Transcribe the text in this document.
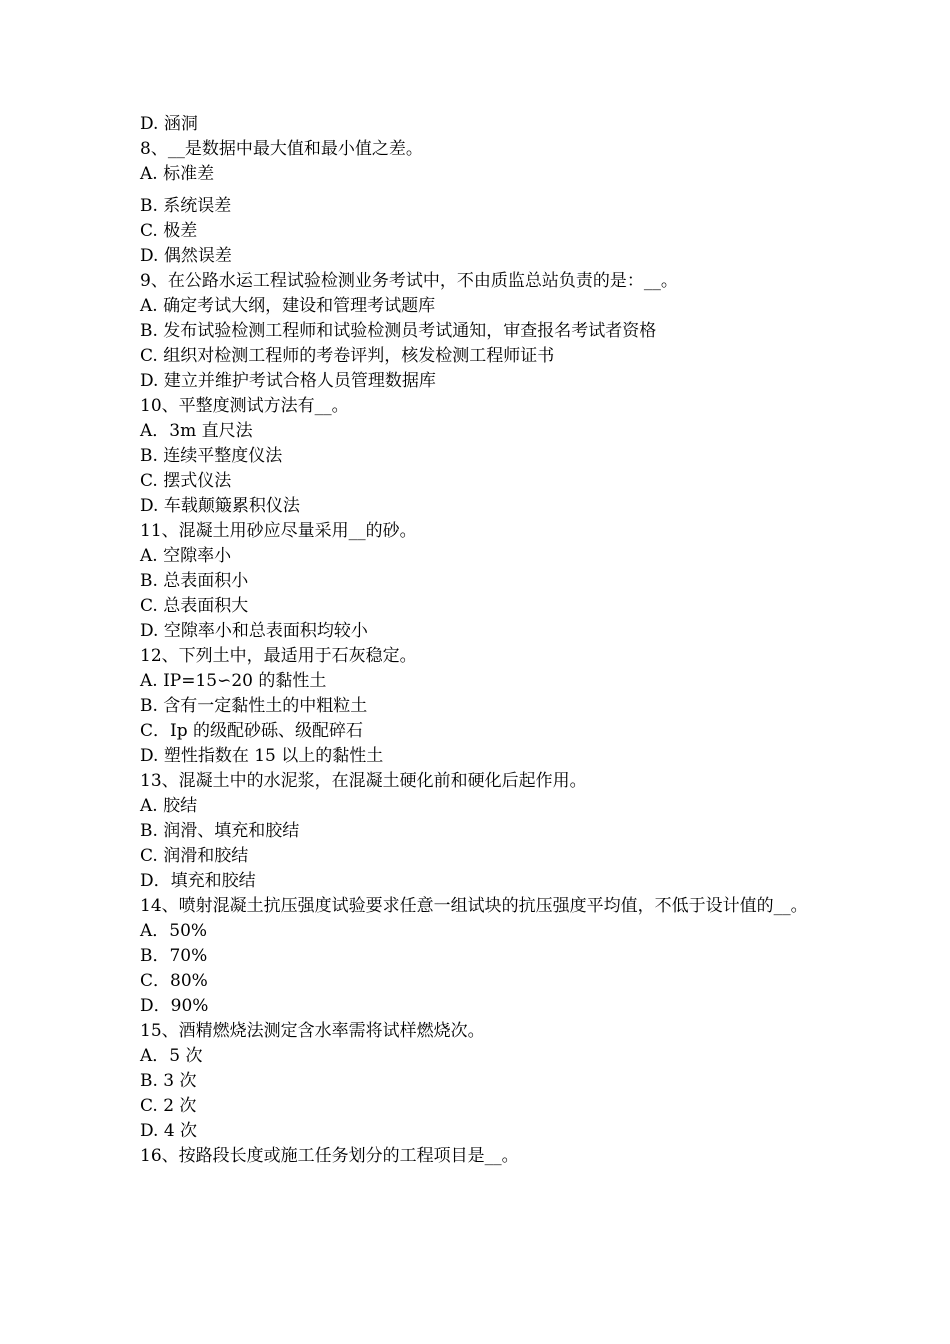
D. 涵洞
8、__是数据中最大值和最小值之差。
A. 标准差
B. 系统误差
C. 极差
D. 偶然误差
9、在公路水运工程试验检测业务考试中，不由质监总站负责的是：__。
A. 确定考试大纲，建设和管理考试题库
B. 发布试验检测工程师和试验检测员考试通知，审查报名考试者资格
C. 组织对检测工程师的考卷评判，核发检测工程师证书
D. 建立并维护考试合格人员管理数据库
10、平整度测试方法有__。
A．3m 直尺法
B. 连续平整度仪法
C. 摆式仪法
D. 车载颠簸累积仪法
11、混凝土用砂应尽量采用__的砂。
A. 空隙率小
B. 总表面积小
C. 总表面积大
D. 空隙率小和总表面积均较小
12、下列土中，最适用于石灰稳定。
A. IP=15∽20 的黏性土
B. 含有一定黏性土的中粗粒土
C．Ip 的级配砂砾、级配碎石
D. 塑性指数在 15 以上的黏性土
13、混凝土中的水泥浆，在混凝土硬化前和硬化后起作用。
A. 胶结
B. 润滑、填充和胶结
C. 润滑和胶结
D．填充和胶结
14、喷射混凝土抗压强度试验要求任意一组试块的抗压强度平均值，不低于设计值的__。
A．50%
B．70%
C．80%
D．90%
15、酒精燃烧法测定含水率需将试样燃烧次。
A．5 次
B. 3 次
C. 2 次
D. 4 次
16、按路段长度或施工任务划分的工程项目是__。
